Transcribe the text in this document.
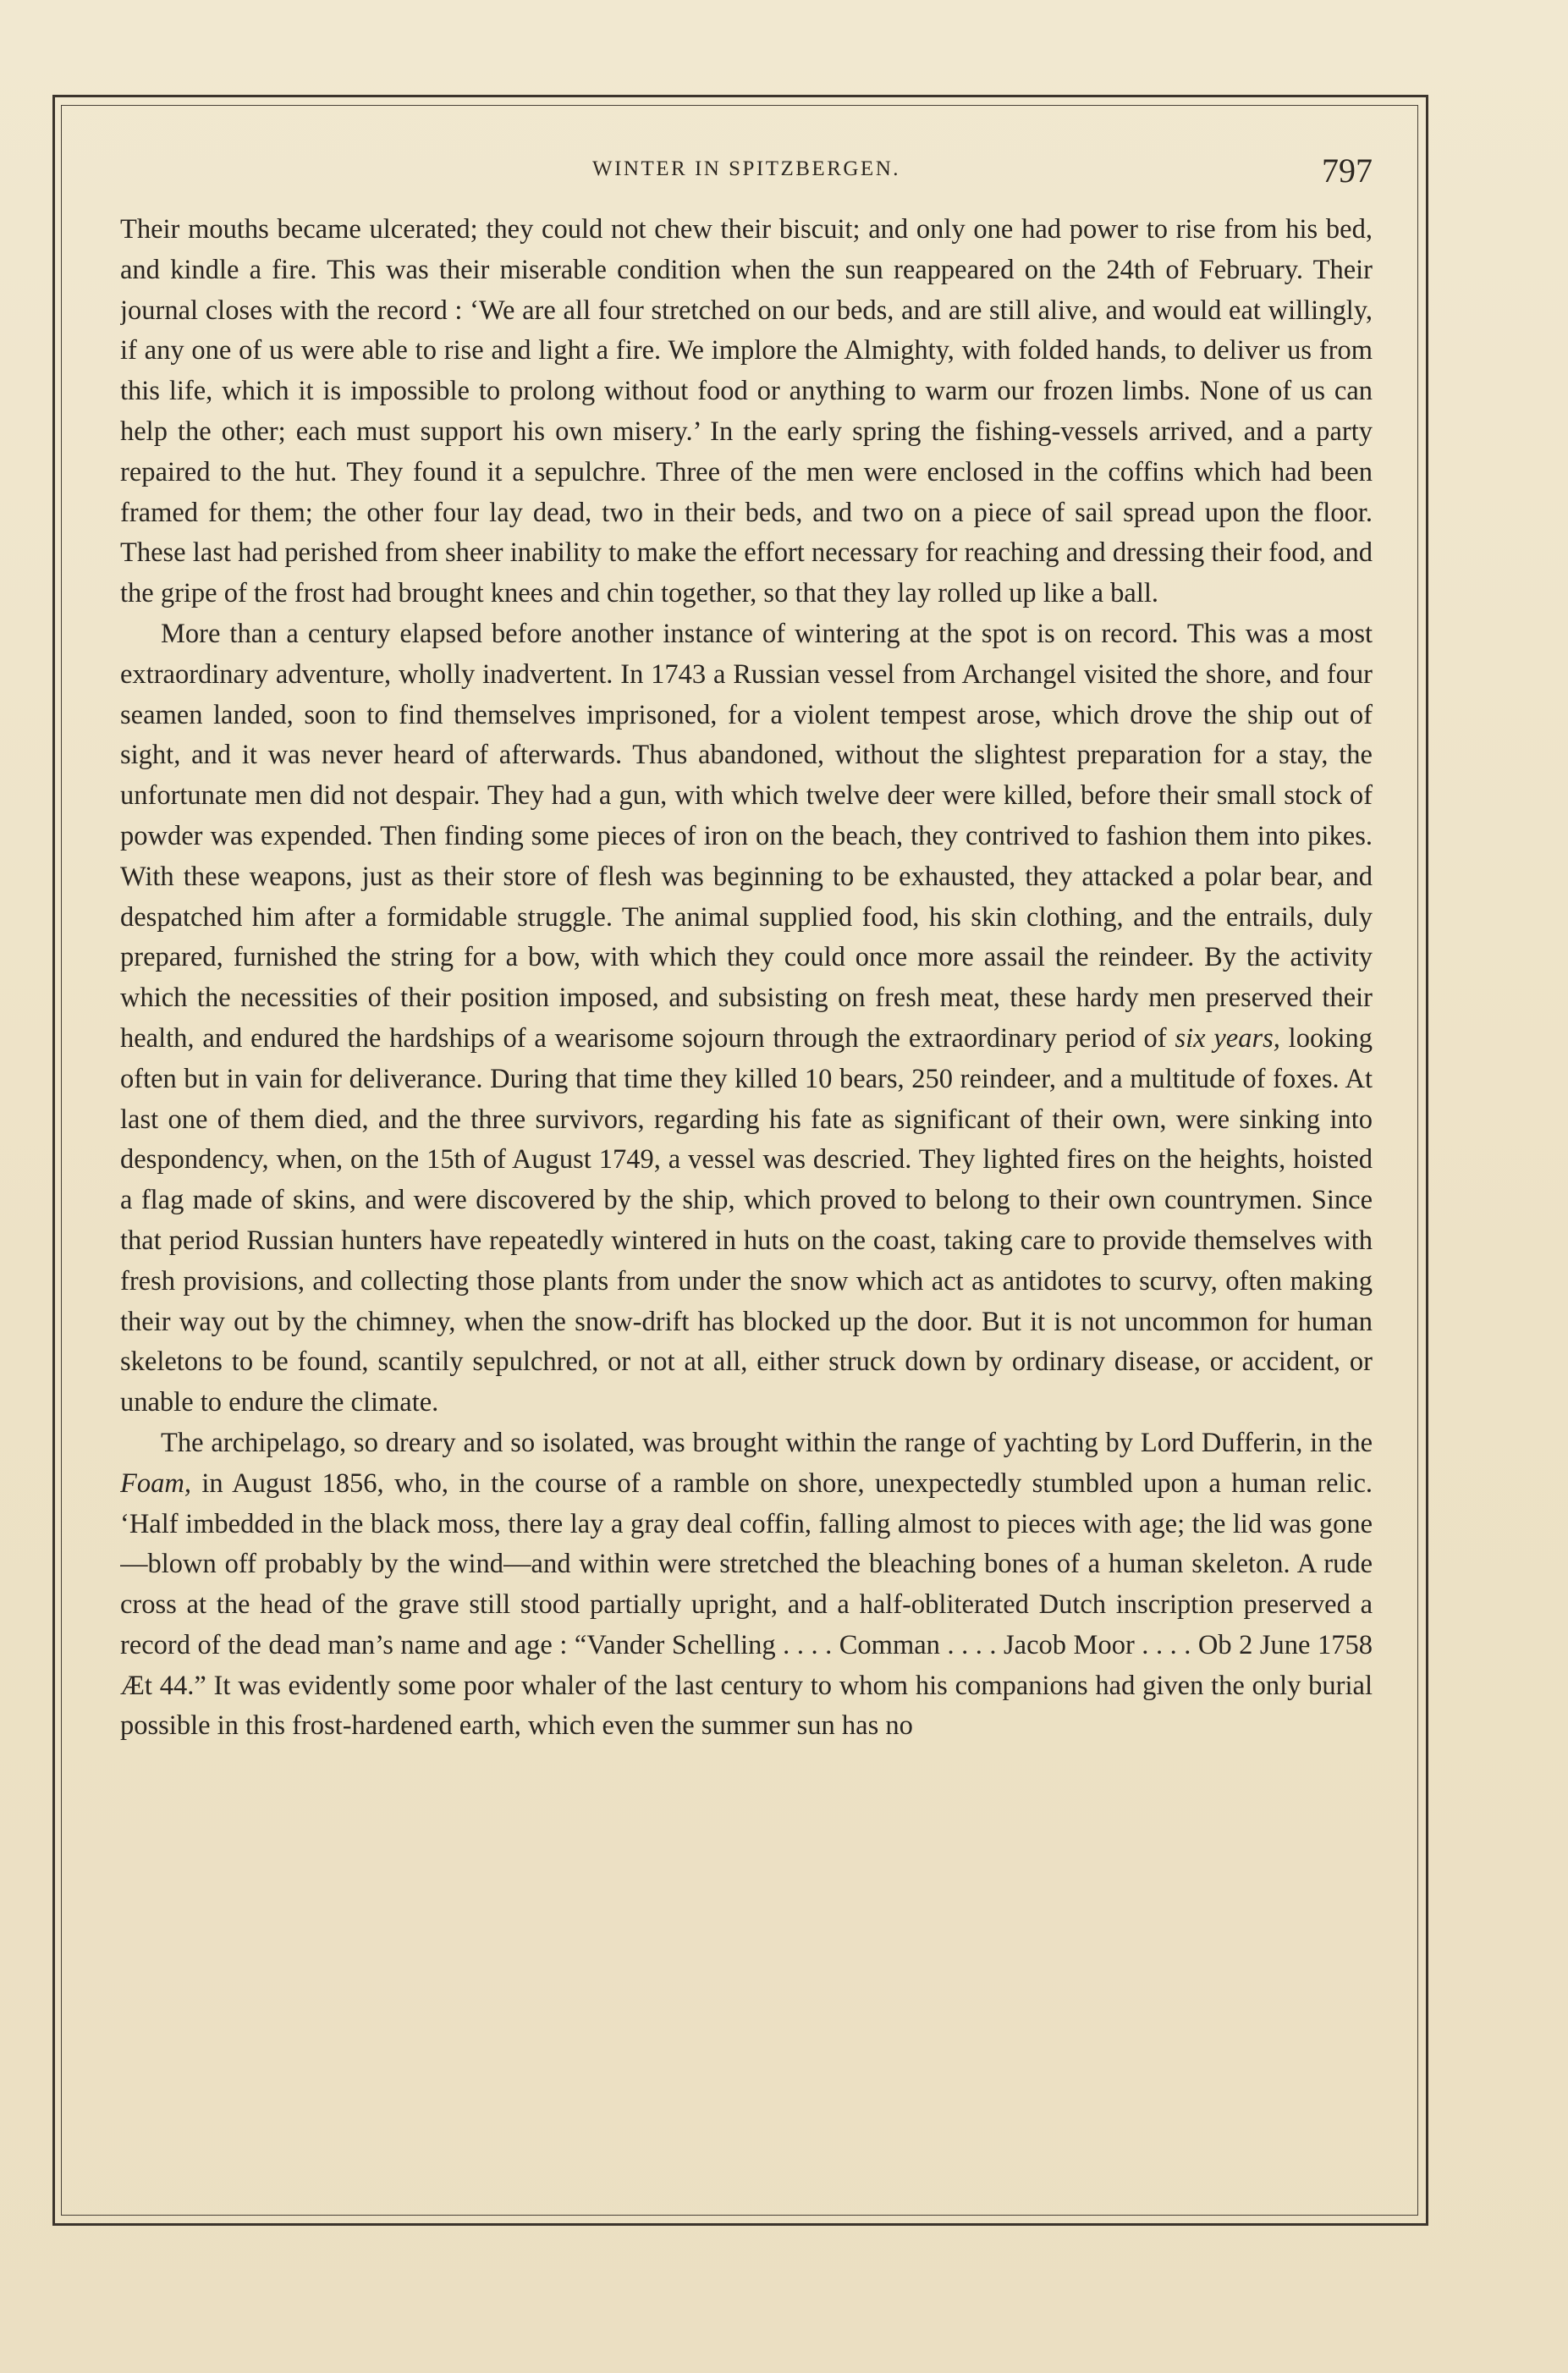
WINTER IN SPITZBERGEN.	797

Their mouths became ulcerated; they could not chew their biscuit; and only one had power to rise from his bed, and kindle a fire. This was their miserable condition when the sun reappeared on the 24th of February. Their journal closes with the record : ‘We are all four stretched on our beds, and are still alive, and would eat willingly, if any one of us were able to rise and light a fire. We implore the Almighty, with folded hands, to deliver us from this life, which it is impossible to prolong without food or anything to warm our frozen limbs. None of us can help the other; each must support his own misery.’ In the early spring the fishing-vessels arrived, and a party repaired to the hut. They found it a sepulchre. Three of the men were enclosed in the coffins which had been framed for them; the other four lay dead, two in their beds, and two on a piece of sail spread upon the floor. These last had perished from sheer inability to make the effort necessary for reaching and dressing their food, and the gripe of the frost had brought knees and chin together, so that they lay rolled up like a ball.

More than a century elapsed before another instance of wintering at the spot is on record. This was a most extraordinary adventure, wholly inadvertent. In 1743 a Russian vessel from Archangel visited the shore, and four seamen landed, soon to find themselves imprisoned, for a violent tempest arose, which drove the ship out of sight, and it was never heard of afterwards. Thus abandoned, without the slightest preparation for a stay, the unfortunate men did not despair. They had a gun, with which twelve deer were killed, before their small stock of powder was expended. Then finding some pieces of iron on the beach, they contrived to fashion them into pikes. With these weapons, just as their store of flesh was beginning to be exhausted, they attacked a polar bear, and despatched him after a formidable struggle. The animal supplied food, his skin clothing, and the entrails, duly prepared, furnished the string for a bow, with which they could once more assail the reindeer. By the activity which the necessities of their position imposed, and subsisting on fresh meat, these hardy men preserved their health, and endured the hardships of a wearisome sojourn through the extraordinary period of six years, looking often but in vain for deliverance. During that time they killed 10 bears, 250 reindeer, and a multitude of foxes. At last one of them died, and the three survivors, regarding his fate as significant of their own, were sinking into despondency, when, on the 15th of August 1749, a vessel was descried. They lighted fires on the heights, hoisted a flag made of skins, and were discovered by the ship, which proved to belong to their own countrymen. Since that period Russian hunters have repeatedly wintered in huts on the coast, taking care to provide themselves with fresh provisions, and collecting those plants from under the snow which act as antidotes to scurvy, often making their way out by the chimney, when the snow-drift has blocked up the door. But it is not uncommon for human skeletons to be found, scantily sepulchred, or not at all, either struck down by ordinary disease, or accident, or unable to endure the climate.

The archipelago, so dreary and so isolated, was brought within the range of yachting by Lord Dufferin, in the Foam, in August 1856, who, in the course of a ramble on shore, unexpectedly stumbled upon a human relic. ‘Half imbedded in the black moss, there lay a gray deal coffin, falling almost to pieces with age; the lid was gone—blown off probably by the wind—and within were stretched the bleaching bones of a human skeleton. A rude cross at the head of the grave still stood partially upright, and a half-obliterated Dutch inscription preserved a record of the dead man’s name and age : “Vander Schelling . . . . Comman . . . . Jacob Moor . . . . Ob 2 June 1758 Æt 44.” It was evidently some poor whaler of the last century to whom his companions had given the only burial possible in this frost-hardened earth, which even the summer sun has no
